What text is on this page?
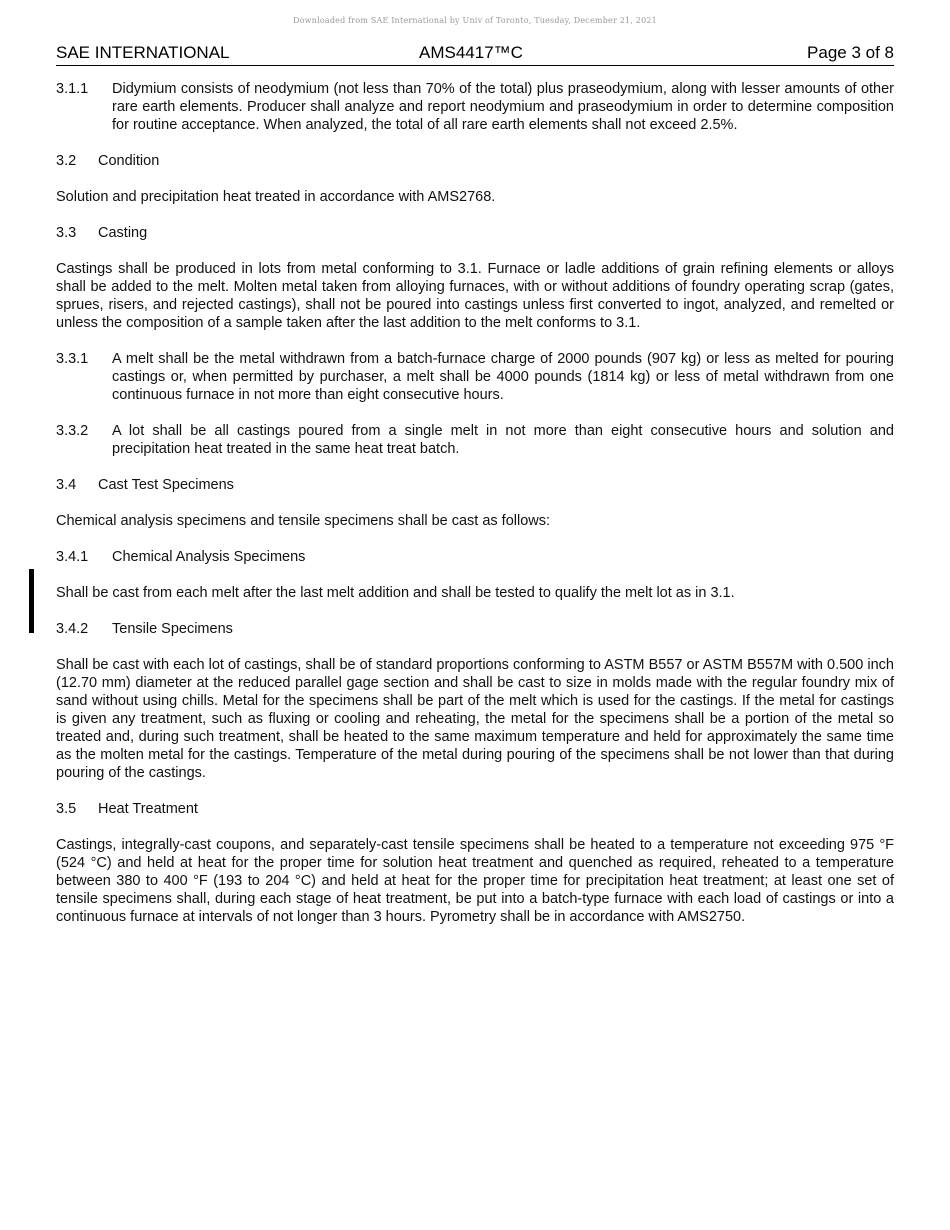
Downloaded from SAE International by Univ of Toronto, Tuesday, December 21, 2021
SAE INTERNATIONAL	AMS4417™C	Page 3 of 8
3.1.1 Didymium consists of neodymium (not less than 70% of the total) plus praseodymium, along with lesser amounts of other rare earth elements. Producer shall analyze and report neodymium and praseodymium in order to determine composition for routine acceptance. When analyzed, the total of all rare earth elements shall not exceed 2.5%.
3.2 Condition
Solution and precipitation heat treated in accordance with AMS2768.
3.3 Casting
Castings shall be produced in lots from metal conforming to 3.1. Furnace or ladle additions of grain refining elements or alloys shall be added to the melt. Molten metal taken from alloying furnaces, with or without additions of foundry operating scrap (gates, sprues, risers, and rejected castings), shall not be poured into castings unless first converted to ingot, analyzed, and remelted or unless the composition of a sample taken after the last addition to the melt conforms to 3.1.
3.3.1 A melt shall be the metal withdrawn from a batch-furnace charge of 2000 pounds (907 kg) or less as melted for pouring castings or, when permitted by purchaser, a melt shall be 4000 pounds (1814 kg) or less of metal withdrawn from one continuous furnace in not more than eight consecutive hours.
3.3.2 A lot shall be all castings poured from a single melt in not more than eight consecutive hours and solution and precipitation heat treated in the same heat treat batch.
3.4 Cast Test Specimens
Chemical analysis specimens and tensile specimens shall be cast as follows:
3.4.1 Chemical Analysis Specimens
Shall be cast from each melt after the last melt addition and shall be tested to qualify the melt lot as in 3.1.
3.4.2 Tensile Specimens
Shall be cast with each lot of castings, shall be of standard proportions conforming to ASTM B557 or ASTM B557M with 0.500 inch (12.70 mm) diameter at the reduced parallel gage section and shall be cast to size in molds made with the regular foundry mix of sand without using chills. Metal for the specimens shall be part of the melt which is used for the castings. If the metal for castings is given any treatment, such as fluxing or cooling and reheating, the metal for the specimens shall be a portion of the metal so treated and, during such treatment, shall be heated to the same maximum temperature and held for approximately the same time as the molten metal for the castings. Temperature of the metal during pouring of the specimens shall be not lower than that during pouring of the castings.
3.5 Heat Treatment
Castings, integrally-cast coupons, and separately-cast tensile specimens shall be heated to a temperature not exceeding 975 °F (524 °C) and held at heat for the proper time for solution heat treatment and quenched as required, reheated to a temperature between 380 to 400 °F (193 to 204 °C) and held at heat for the proper time for precipitation heat treatment; at least one set of tensile specimens shall, during each stage of heat treatment, be put into a batch-type furnace with each load of castings or into a continuous furnace at intervals of not longer than 3 hours. Pyrometry shall be in accordance with AMS2750.
